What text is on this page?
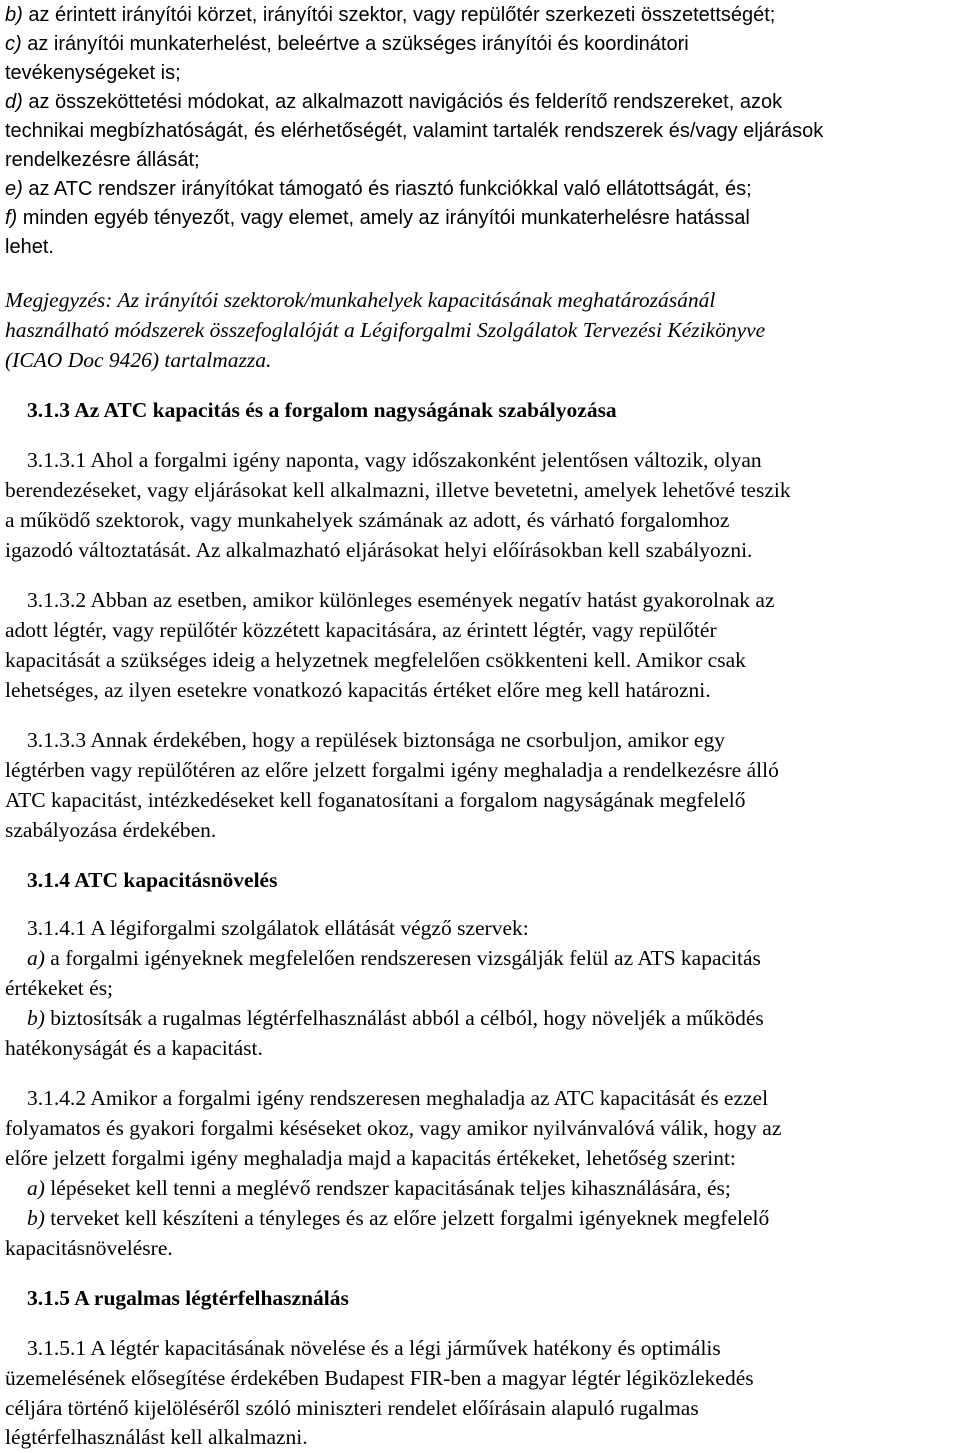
b) az érintett irányítói körzet, irányítói szektor, vagy repülőtér szerkezeti összetettségét;
c) az irányítói munkaterhelést, beleértve a szükséges irányítói és koordinátori
tevékenységeket is;
d) az összeköttetési módokat, az alkalmazott navigációs és felderítő rendszereket, azok
technikai megbízhatóságát, és elérhetőségét, valamint tartalék rendszerek és/vagy eljárások
rendelkezésre állását;
e) az ATC rendszer irányítókat támogató és riasztó funkciókkal való ellátottságát, és;
f) minden egyéb tényezőt, vagy elemet, amely az irányítói munkaterhelésre hatással
lehet.
Megjegyzés: Az irányítói szektorok/munkahelyek kapacitásának meghatározásánál
használható módszerek összefoglalóját a Légiforgalmi Szolgálatok Tervezési Kézikönyve
(ICAO Doc 9426) tartalmazza.
3.1.3 Az ATC kapacitás és a forgalom nagyságának szabályozása
3.1.3.1 Ahol a forgalmi igény naponta, vagy időszakonként jelentősen változik, olyan
berendezéseket, vagy eljárásokat kell alkalmazni, illetve bevetetni, amelyek lehetővé teszik
a működő szektorok, vagy munkahelyek számának az adott, és várható forgalomhoz
igazodó változtatását. Az alkalmazható eljárásokat helyi előírásokban kell szabályozni.
3.1.3.2 Abban az esetben, amikor különleges események negatív hatást gyakorolnak az
adott légtér, vagy repülőtér közzétett kapacitására, az érintett légtér, vagy repülőtér
kapacitását a szükséges ideig a helyzetnek megfelelően csökkenteni kell. Amikor csak
lehetséges, az ilyen esetekre vonatkozó kapacitás értéket előre meg kell határozni.
3.1.3.3 Annak érdekében, hogy a repülések biztonsága ne csorbuljon, amikor egy
légtérben vagy repülőtéren az előre jelzett forgalmi igény meghaladja a rendelkezésre álló
ATC kapacitást, intézkedéseket kell foganatosítani a forgalom nagyságának megfelelő
szabályozása érdekében.
3.1.4 ATC kapacitásnövelés
3.1.4.1 A légiforgalmi szolgálatok ellátását végző szervek:
a) a forgalmi igényeknek megfelelően rendszeresen vizsgálják felül az ATS kapacitás
értékeket és;
b) biztosítsák a rugalmas légtérfelhasználást abból a célból, hogy növeljék a működés
hatékonyságát és a kapacitást.
3.1.4.2 Amikor a forgalmi igény rendszeresen meghaladja az ATC kapacitását és ezzel
folyamatos és gyakori forgalmi késéseket okoz, vagy amikor nyilvánvalóvá válik, hogy az
előre jelzett forgalmi igény meghaladja majd a kapacitás értékeket, lehetőség szerint:
a) lépéseket kell tenni a meglévő rendszer kapacitásának teljes kihasználására, és;
b) terveket kell készíteni a tényleges és az előre jelzett forgalmi igényeknek megfelelő
kapacitásnövelésre.
3.1.5 A rugalmas légtérfelhasználás
3.1.5.1 A légtér kapacitásának növelése és a légi járművek hatékony és optimális
üzemelésének elősegítése érdekében Budapest FIR-ben a magyar légtér légiközlekedés
céljára történő kijelöléséről szóló miniszteri rendelet előírásain alapuló rugalmas
légtérfelhasználást kell alkalmazni.
